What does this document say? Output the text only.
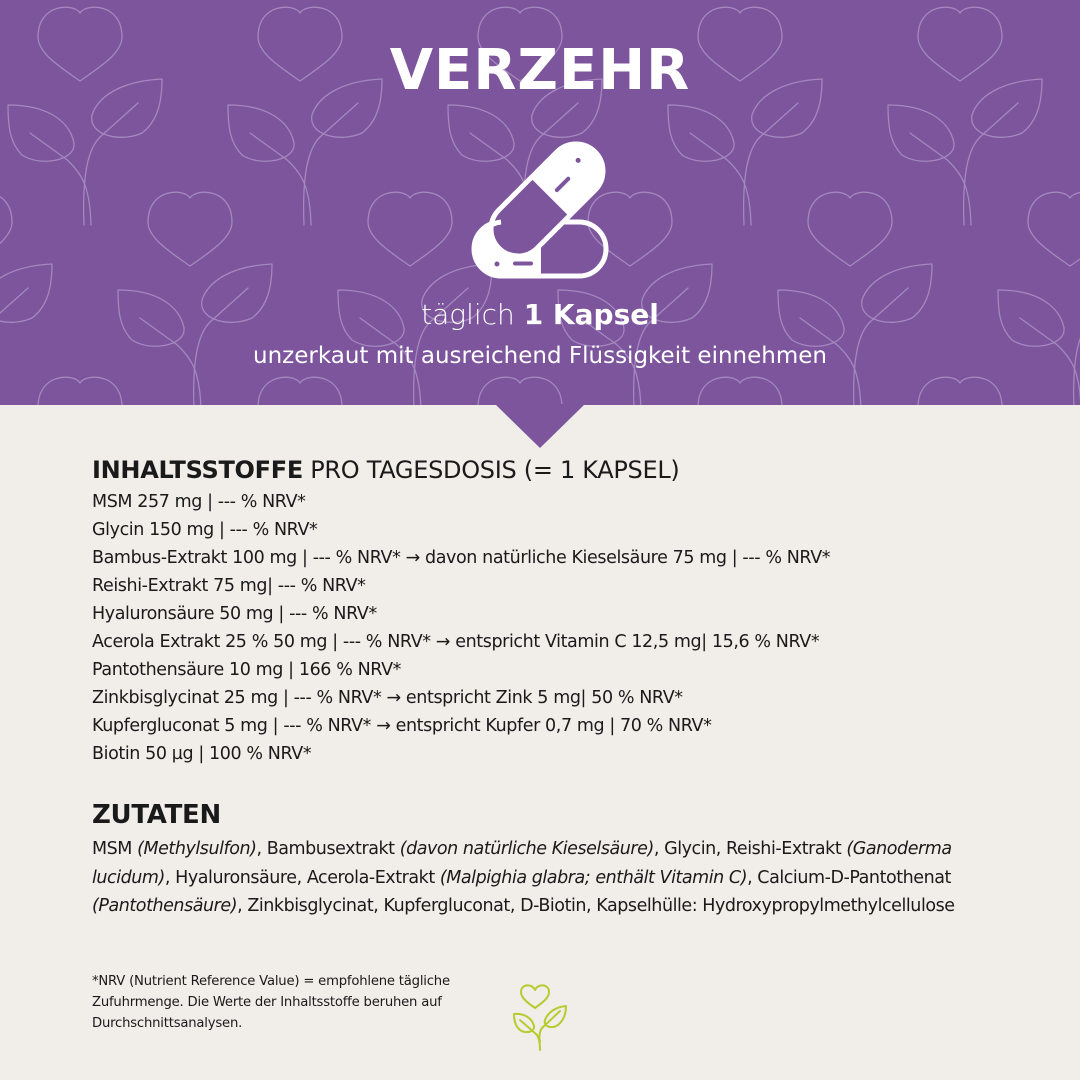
VERZEHR
täglich 1 Kapsel
unzerkaut mit ausreichend Flüssigkeit einnehmen
INHALTSSTOFFE PRO TAGESDOSIS (= 1 KAPSEL)
MSM 257 mg | --- % NRV*
Glycin 150 mg | --- % NRV*
Bambus-Extrakt 100 mg | --- % NRV* → davon natürliche Kieselsäure 75 mg | --- % NRV*
Reishi-Extrakt 75 mg| --- % NRV*
Hyaluronsäure 50 mg | --- % NRV*
Acerola Extrakt 25 % 50 mg | --- % NRV* → entspricht Vitamin C 12,5 mg| 15,6 % NRV*
Pantothensäure 10 mg | 166 % NRV*
Zinkbisglycinat 25 mg | --- % NRV* → entspricht Zink 5 mg| 50 % NRV*
Kupfergluconat 5 mg | --- % NRV* → entspricht Kupfer 0,7 mg | 70 % NRV*
Biotin 50 µg | 100 % NRV*
ZUTATEN
MSM (Methylsulfon), Bambusextrakt (davon natürliche Kieselsäure), Glycin, Reishi-Extrakt (Ganoderma lucidum), Hyaluronsäure, Acerola-Extrakt (Malpighia glabra; enthält Vitamin C), Calcium-D-Pantothenat (Pantothensäure), Zinkbisglycinat, Kupfergluconat, D-Biotin, Kapselhülle: Hydroxypropylmethylcellulose
*NRV (Nutrient Reference Value) = empfohlene tägliche Zufuhrmenge. Die Werte der Inhaltsstoffe beruhen auf Durchschnittsanalysen.
